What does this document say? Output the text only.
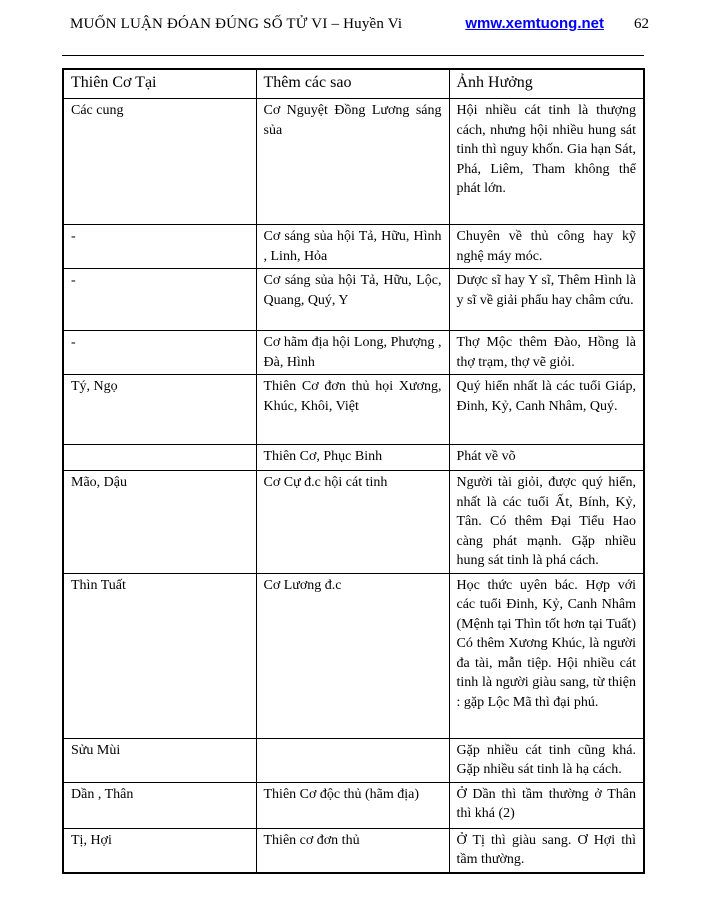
MUỐN LUẬN ĐÓAN ĐÚNG SỐ TỬ VI – Huyền Vi	wmw.xemtuong.net 62
Thiên Cơ Tại	Thêm các sao	Ảnh Hưởng
Các cung	Cơ Nguyệt Đồng Lương sáng sủa	Hội nhiều cát tinh là thượng cách, nhưng hội nhiều hung sát tinh thì nguy khốn. Gia hạn Sát, Phá, Liêm, Tham không thể phát lớn.
-	Cơ sáng sủa hội Tả, Hữu, Hình , Linh, Hỏa	Chuyên về thủ công hay kỹ nghệ máy móc.
-	Cơ sáng sủa hội Tả, Hữu, Lộc, Quang, Quý, Y	Dược sĩ hay Y sĩ, Thêm Hình là y sĩ về giải phẩu hay châm cứu.
-	Cơ hãm địa hội Long, Phượng , Đà, Hình	Thợ Mộc thêm Đào, Hồng là thợ trạm, thợ vẽ giỏi.
Tý, Ngọ	Thiên Cơ đơn thủ họi Xương, Khúc, Khôi, Việt	Quý hiển nhất là các tuổi Giáp, Đinh, Kỷ, Canh Nhâm, Quý.
	Thiên Cơ, Phục Binh	Phát về võ
Mão, Dậu	Cơ Cự đ.c hội cát tinh	Người tài giỏi, được quý hiển, nhất là các tuổi Ất, Bính, Kỷ, Tân. Có thêm Đại Tiểu Hao càng phát mạnh. Gặp nhiều hung sát tinh là phá cách.
Thìn Tuất	Cơ Lương đ.c	Học thức uyên bác. Hợp với các tuổi Đinh, Kỷ, Canh Nhâm (Mệnh tại Thìn tốt hơn tại Tuất) Có thêm Xương Khúc, là người đa tài, mẫn tiệp. Hội nhiều cát tinh là người giàu sang, từ thiện : gặp Lộc Mã thì đại phú.
Sửu Mùi		Gặp nhiều cát tinh cũng khá. Gặp nhiều sát tinh là hạ cách.
Dần , Thân	Thiên Cơ độc thủ (hãm địa)	Ở Dần thì tầm thường ở Thân thì khá (2)
Tị, Hợi	Thiên cơ đơn thủ	Ở Tị thì giàu sang. Ơ Hợi thì tầm thường.
